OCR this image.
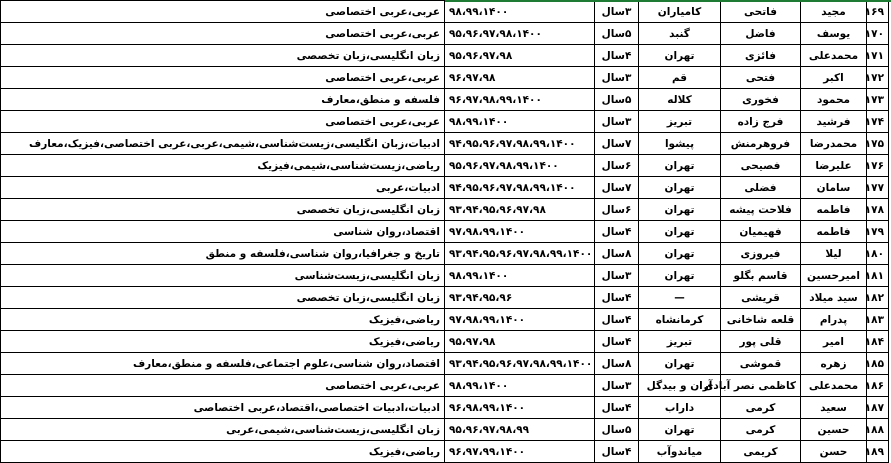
۱۶۹	مجید	فاتحی	کامیاران	۳سال	۹۸،۹۹،۱۴۰۰	عربی،عربی اختصاصی
۱۷۰	یوسف	فاضل	گنبد	۵سال	۹۵،۹۶،۹۷،۹۸،۱۴۰۰	عربی،عربی اختصاصی
۱۷۱	محمدعلی	فائزی	تهران	۴سال	۹۵،۹۶،۹۷،۹۸	زبان انگلیسی،زبان تخصصی
۱۷۲	اکبر	فتحی	قم	۳سال	۹۶،۹۷،۹۸	عربی،عربی اختصاصی
۱۷۳	محمود	فخوری	کلاله	۵سال	۹۶،۹۷،۹۸،۹۹،۱۴۰۰	فلسفه و منطق،معارف
۱۷۴	فرشید	فرج زاده	تبریز	۳سال	۹۸،۹۹،۱۴۰۰	عربی،عربی اختصاصی
۱۷۵	محمدرضا	فروهرمنش	پیشوا	۷سال	۹۴،۹۵،۹۶،۹۷،۹۸،۹۹،۱۴۰۰	ادبیات،زبان انگلیسی،زیست‌شناسی،شیمی،عربی،عربی اختصاصی،فیزیک،معارف
۱۷۶	علیرضا	فصیحی	تهران	۶سال	۹۵،۹۶،۹۷،۹۸،۹۹،۱۴۰۰	ریاضی،زیست‌شناسی،شیمی،فیزیک
۱۷۷	سامان	فضلی	تهران	۷سال	۹۴،۹۵،۹۶،۹۷،۹۸،۹۹،۱۴۰۰	ادبیات،عربی
۱۷۸	فاطمه	فلاحت پیشه	تهران	۶سال	۹۳،۹۴،۹۵،۹۶،۹۷،۹۸	زبان انگلیسی،زبان تخصصی
۱۷۹	فاطمه	فهیمیان	تهران	۴سال	۹۷،۹۸،۹۹،۱۴۰۰	اقتصاد،روان شناسی
۱۸۰	لیلا	فیروزی	تهران	۸سال	۹۳،۹۴،۹۵،۹۶،۹۷،۹۸،۹۹،۱۴۰۰	تاریخ و جغرافیا،روان شناسی،فلسفه و منطق
۱۸۱	امیرحسین	قاسم بگلو	تهران	۳سال	۹۸،۹۹،۱۴۰۰	زبان انگلیسی،زیست‌شناسی
۱۸۲	سید میلاد	قریشی	—	۴سال	۹۳،۹۴،۹۵،۹۶	زبان انگلیسی،زبان تخصصی
۱۸۳	پدرام	قلعه شاخانی	کرمانشاه	۴سال	۹۷،۹۸،۹۹،۱۴۰۰	ریاضی،فیزیک
۱۸۴	امیر	قلی پور	تبریز	۴سال	۹۵،۹۷،۹۸	ریاضی،فیزیک
۱۸۵	زهره	قموشی	تهران	۸سال	۹۳،۹۴،۹۵،۹۶،۹۷،۹۸،۹۹،۱۴۰۰	اقتصاد،روان شناسی،علوم اجتماعی،فلسفه و منطق،معارف
۱۸۶	محمدعلی	کاظمی نصر آبادی	آران و بیدگل	۳سال	۹۸،۹۹،۱۴۰۰	عربی،عربی اختصاصی
۱۸۷	سعید	کرمی	داراب	۴سال	۹۶،۹۸،۹۹،۱۴۰۰	ادبیات،ادبیات اختصاصی،اقتصاد،عربی اختصاصی
۱۸۸	حسین	کرمی	تهران	۵سال	۹۵،۹۶،۹۷،۹۸،۹۹	زبان انگلیسی،زیست‌شناسی،شیمی،عربی
۱۸۹	حسن	کریمی	میاندوآب	۴سال	۹۶،۹۷،۹۹،۱۴۰۰	ریاضی،فیزیک
